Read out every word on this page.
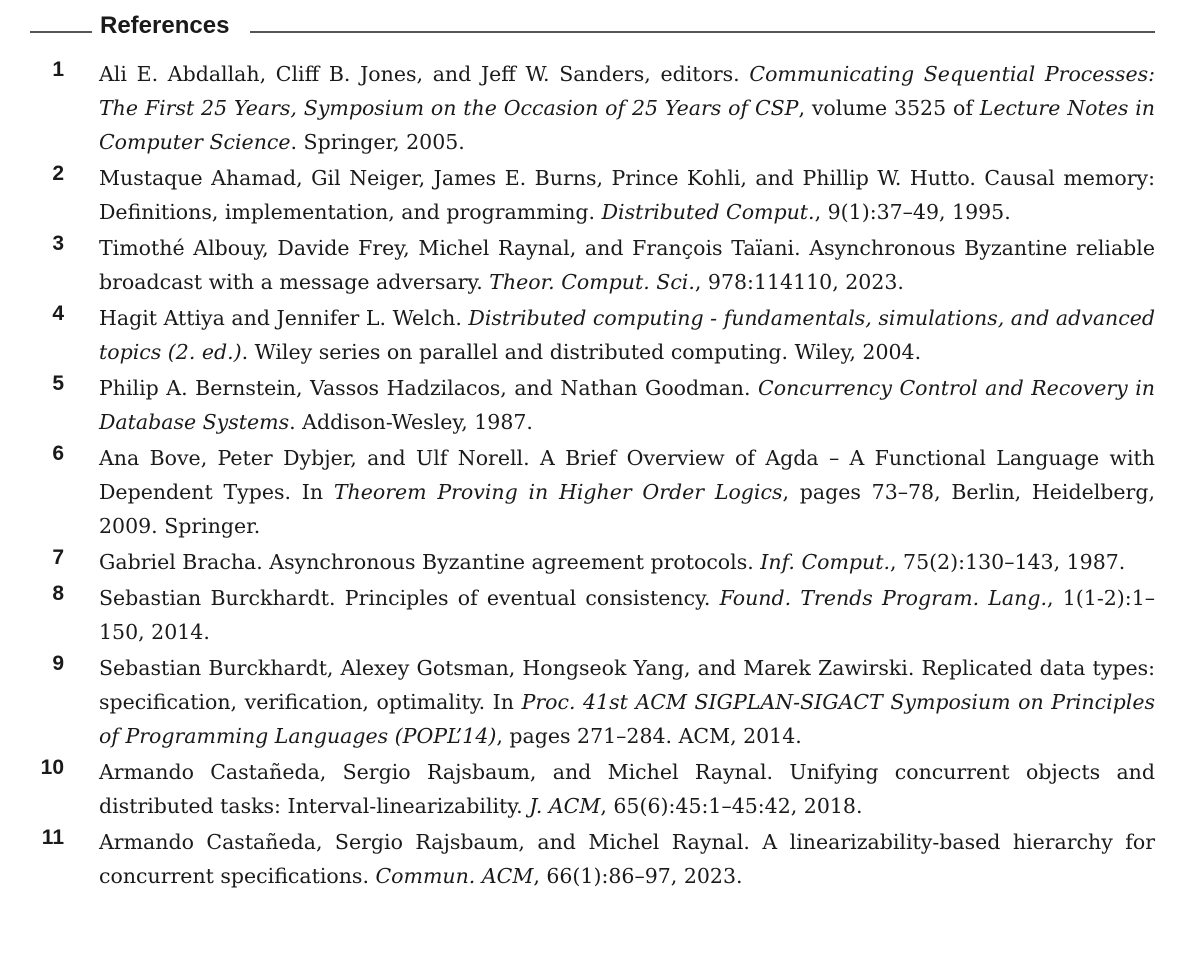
References
1 Ali E. Abdallah, Cliff B. Jones, and Jeff W. Sanders, editors. Communicating Sequential Processes: The First 25 Years, Symposium on the Occasion of 25 Years of CSP, volume 3525 of Lecture Notes in Computer Science. Springer, 2005.
2 Mustaque Ahamad, Gil Neiger, James E. Burns, Prince Kohli, and Phillip W. Hutto. Causal memory: Definitions, implementation, and programming. Distributed Comput., 9(1):37–49, 1995.
3 Timothé Albouy, Davide Frey, Michel Raynal, and François Taïani. Asynchronous Byzantine reliable broadcast with a message adversary. Theor. Comput. Sci., 978:114110, 2023.
4 Hagit Attiya and Jennifer L. Welch. Distributed computing - fundamentals, simulations, and advanced topics (2. ed.). Wiley series on parallel and distributed computing. Wiley, 2004.
5 Philip A. Bernstein, Vassos Hadzilacos, and Nathan Goodman. Concurrency Control and Recovery in Database Systems. Addison-Wesley, 1987.
6 Ana Bove, Peter Dybjer, and Ulf Norell. A Brief Overview of Agda – A Functional Language with Dependent Types. In Theorem Proving in Higher Order Logics, pages 73–78, Berlin, Heidelberg, 2009. Springer.
7 Gabriel Bracha. Asynchronous Byzantine agreement protocols. Inf. Comput., 75(2):130–143, 1987.
8 Sebastian Burckhardt. Principles of eventual consistency. Found. Trends Program. Lang., 1(1-2):1–150, 2014.
9 Sebastian Burckhardt, Alexey Gotsman, Hongseok Yang, and Marek Zawirski. Replicated data types: specification, verification, optimality. In Proc. 41st ACM SIGPLAN-SIGACT Symposium on Principles of Programming Languages (POPL’14), pages 271–284. ACM, 2014.
10 Armando Castañeda, Sergio Rajsbaum, and Michel Raynal. Unifying concurrent objects and distributed tasks: Interval-linearizability. J. ACM, 65(6):45:1–45:42, 2018.
11 Armando Castañeda, Sergio Rajsbaum, and Michel Raynal. A linearizability-based hierarchy for concurrent specifications. Commun. ACM, 66(1):86–97, 2023.
